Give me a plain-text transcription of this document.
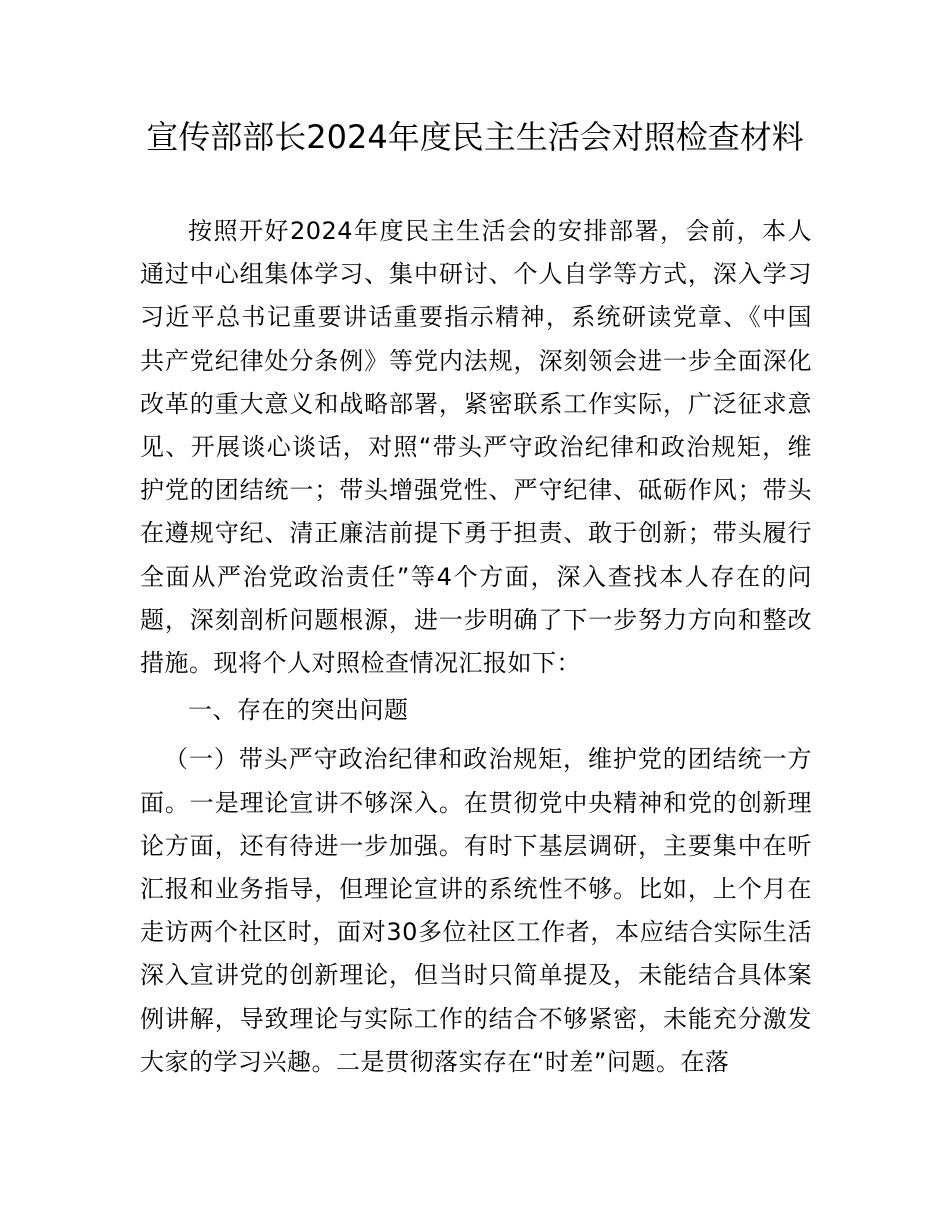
宣传部部长2024年度民主生活会对照检查材料

按照开好2024年度民主生活会的安排部署，会前，本人通过中心组集体学习、集中研讨、个人自学等方式，深入学习习近平总书记重要讲话重要指示精神，系统研读党章、《中国共产党纪律处分条例》等党内法规，深刻领会进一步全面深化改革的重大意义和战略部署，紧密联系工作实际，广泛征求意见、开展谈心谈话，对照“带头严守政治纪律和政治规矩，维护党的团结统一；带头增强党性、严守纪律、砥砺作风；带头在遵规守纪、清正廉洁前提下勇于担责、敢于创新；带头履行全面从严治党政治责任”等4个方面，深入查找本人存在的问题，深刻剖析问题根源，进一步明确了下一步努力方向和整改措施。现将个人对照检查情况汇报如下：

一、存在的突出问题

（一）带头严守政治纪律和政治规矩，维护党的团结统一方面。一是理论宣讲不够深入。在贯彻党中央精神和党的创新理论方面，还有待进一步加强。有时下基层调研，主要集中在听汇报和业务指导，但理论宣讲的系统性不够。比如，上个月在走访两个社区时，面对30多位社区工作者，本应结合实际生活深入宣讲党的创新理论，但当时只简单提及，未能结合具体案例讲解，导致理论与实际工作的结合不够紧密，未能充分激发大家的学习兴趣。二是贯彻落实存在“时差”问题。在落
